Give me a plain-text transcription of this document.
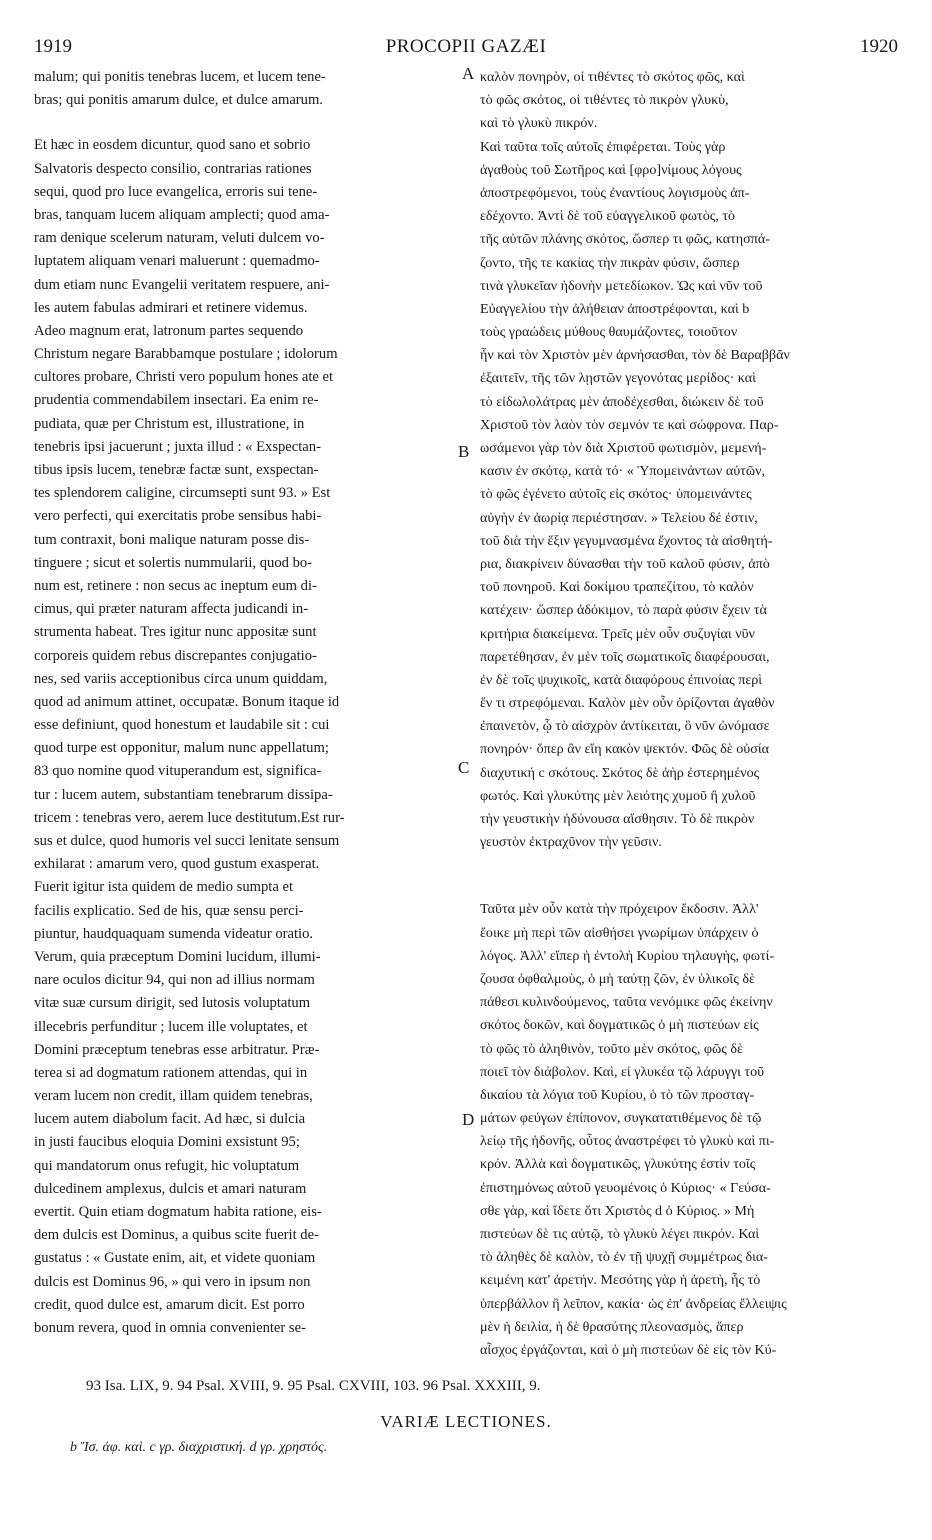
1919	PROCOPII GAZÆI	1920
malum; qui ponitis tenebras lucem, et lucem tene-
bras; qui ponitis amarum dulce, et dulce amarum.
Et hæc in eosdem dicuntur, quod sano et sobrio
Salvatoris despecto consilio, contrarias rationes
sequi, quod pro luce evangelica, erroris sui tene-
bras, tanquam lucem aliquam amplecti; quod ama-
ram denique scelerum naturam, veluti dulcem vo-
luptatem aliquam venari maluerunt : quemadmo-
dum etiam nunc Evangelii veritatem respuere, ani-
les autem fabulas admirari et retinere videmus.
Adeo magnum erat, latronum partes sequendo
Christum negare Barabbamque postulare ; idolorum
cultores probare, Christi vero populum hones ate et
prudentia commendabilem insectari. Ea enim re-
pudiata, quæ per Christum est, illustratione, in
tenebris ipsi jacuerunt ; juxta illud : « Exspectan-
tibus ipsis lucem, tenebræ factæ sunt, exspectan-
tes splendorem caligine, circumsepti sunt 93. » Est
vero perfecti, qui exercitatis probe sensibus habi-
tum contraxit, boni malique naturam posse dis-
tinguere ; sicut et solertis nummularii, quod bo-
num est, retinere : non secus ac ineptum eum di-
cimus, qui præter naturam affecta judicandi in-
strumenta habeat. Tres igitur nunc appositæ sunt
corporeis quidem rebus discrepantes conjugatio-
nes, sed variis acceptionibus circa unum quiddam,
quod ad animum attinet, occupatæ. Bonum itaque id
esse definiunt, quod honestum et laudabile sit : cui
quod turpe est opponitur, malum nunc appellatum;
83 quo nomine quod vituperandum est, significa-
tur : lucem autem, substantiam tenebrarum dissipa-
tricem : tenebras vero, aerem luce destitutum.Est rur-
sus et dulce, quod humoris vel succi lenitate sensum
exhilarat : amarum vero, quod gustum exasperat.
Fuerit igitur ista quidem de medio sumpta et
facilis explicatio. Sed de his, quæ sensu perci-
piuntur, haudquaquam sumenda videatur oratio.
Verum, quia præceptum Domini lucidum, illumi-
nare oculos dicitur 94, qui non ad illius normam
vitæ suæ cursum dirigit, sed lutosis voluptatum
illecebris perfunditur ; lucem ille voluptates, et
Domini præceptum tenebras esse arbitratur. Præ-
terea si ad dogmatum rationem attendas, qui in
veram lucem non credit, illam quidem tenebras,
lucem autem diabolum facit. Ad hæc, si dulcia
in justi faucibus eloquia Domini exsistunt 95;
qui mandatorum onus refugit, hic voluptatum
dulcedinem amplexus, dulcis et amari naturam
evertit. Quin etiam dogmatum habita ratione, eis-
dem dulcis est Dominus, a quibus scite fuerit de-
gustatus : « Gustate enim, ait, et videte quoniam
dulcis est Dominus 96, » qui vero in ipsum non
credit, quod dulce est, amarum dicit. Est porro
bonum revera, quod in omnia convenienter se-
καλὸν πονηρὸν, οἱ τιθέντες τὸ σκότος φῶς, καὶ
τὸ φῶς σκότος, οἱ τιθέντες τὸ πικρὸν γλυκὺ,
καὶ τὸ γλυκὺ πικρόν.
Καὶ ταῦτα τοῖς αὐτοῖς ἐπιφέρεται. Τοὺς γὰρ
ἀγαθοὺς τοῦ Σωτῆρος καὶ [φρο]νίμους λόγους
ἀποστρεφόμενοι, τοὺς ἐναντίους λογισμοὺς ἀπ-
εδέχοντο. Ἀντὶ δὲ τοῦ εὐαγγελικοῦ φωτὸς, τὸ
τῆς αὐτῶν πλάνης σκότος, ὥσπερ τι φῶς, κατησπά-
ζοντο, τῆς τε κακίας τὴν πικρὰν φύσιν, ὥσπερ
τινὰ γλυκεῖαν ἡδονὴν μετεδίωκον. Ὡς καὶ νῦν τοῦ
Εὐαγγελίου τὴν ἀλήθειαν ἀποστρέφονται, καὶ b
τοὺς γραώδεις μύθους θαυμάζοντες, τοιοῦτον
ἦν καὶ τὸν Χριστὸν μὲν ἀρνήσασθαι, τὸν δὲ Βαραββᾶν
ἐξαιτεῖν, τῆς τῶν λῃστῶν γεγονότας μερίδος· καὶ
τὸ εἰδωλολάτρας μὲν ἀποδέχεσθαι, διώκειν δὲ τοῦ
Χριστοῦ τὸν λαὸν τὸν σεμνόν τε καὶ σώφρονα. Παρ-
ωσάμενοι γὰρ τὸν διὰ Χριστοῦ φωτισμὸν, μεμενή-
κασιν ἐν σκότῳ, κατὰ τό· « Ὑπομεινάντων αὐτῶν,
τὸ φῶς ἐγένετο αὐτοῖς εἰς σκότος· ὑπομεινάντες
αὐγὴν ἐν ἀωρίᾳ περιέστησαν. » Τελείου δέ ἐστιν,
τοῦ διὰ τὴν ἕξιν γεγυμνασμένα ἔχοντος τὰ αἰσθητή-
ρια, διακρίνειν δύνασθαι τὴν τοῦ καλοῦ φύσιν, ἀπὸ
τοῦ πονηροῦ. Καὶ δοκίμου τραπεζίτου, τὸ καλὸν
κατέχειν· ὥσπερ ἀδόκιμον, τὸ παρὰ φύσιν ἔχειν τὰ
κριτήρια διακείμενα. Τρεῖς μὲν οὖν συζυγίαι νῦν
παρετέθησαν, ἐν μὲν τοῖς σωματικοῖς διαφέρουσαι,
ἐν δὲ τοῖς ψυχικοῖς, κατὰ διαφόρους ἐπινοίας περὶ
ἕν τι στρεφόμεναι. Καλὸν μὲν οὖν ὁρίζονται ἀγαθὸν
ἐπαινετὸν, ᾧ τὸ αἰσχρὸν ἀντίκειται, ὃ νῦν ὠνόμασε
πονηρόν· ὅπερ ἂν εἴη κακὸν ψεκτόν. Φῶς δὲ οὐσία
διαχυτική c σκότους. Σκότος δὲ ἀὴρ ἐστερημένος
φωτός. Καὶ γλυκύτης μὲν λειότης χυμοῦ ἢ χυλοῦ
τὴν γευστικὴν ἡδύνουσα αἴσθησιν. Τὸ δὲ πικρὸν
γευστὸν ἐκτραχῦνον τὴν γεῦσιν.
Ταῦτα μὲν οὖν κατὰ τὴν πρόχειρον ἔκδοσιν. Ἀλλ'
ἔοικε μὴ περὶ τῶν αἰσθήσει γνωρίμων ὑπάρχειν ὁ
λόγος. Ἀλλ' εἴπερ ἡ ἐντολὴ Κυρίου τηλαυγὴς, φωτί-
ζουσα ὀφθαλμοὺς, ὁ μὴ ταύτῃ ζῶν, ἐν ὑλικοῖς δὲ
πάθεσι κυλινδούμενος, ταῦτα νενόμικε φῶς ἐκείνην
σκότος δοκῶν, καὶ δογματικῶς ὁ μὴ πιστεύων εἰς
τὸ φῶς τὸ ἀληθινὸν, τοῦτο μὲν σκότος, φῶς δὲ
ποιεῖ τὸν διάβολον. Καὶ, εἰ γλυκέα τῷ λάρυγγι τοῦ
δικαίου τὰ λόγια τοῦ Κυρίου, ὁ τὸ τῶν προσταγ-
μάτων φεύγων ἐπίπονον, συγκατατιθέμενος δὲ τῷ
λείῳ τῆς ἡδονῆς, οὗτος ἀναστρέφει τὸ γλυκὺ καὶ πι-
κρόν. Ἀλλὰ καὶ δογματικῶς, γλυκύτης ἐστὶν τοῖς
ἐπιστημόνως αὐτοῦ γευομένοις ὁ Κύριος· « Γεύσα-
σθε γὰρ, καὶ ἴδετε ὅτι Χριστὸς d ὁ Κύριος. » Μὴ
πιστεύων δὲ τις αὐτῷ, τὸ γλυκὺ λέγει πικρόν. Καὶ
τὸ ἀληθὲς δὲ καλὸν, τὸ ἐν τῇ ψυχῇ συμμέτρως δια-
κειμένη κατ' ἀρετήν. Μεσότης γὰρ ἡ ἀρετὴ, ἧς τὸ
ὑπερβάλλον ἢ λεῖπον, κακία· ὡς ἐπ' ἀνδρείας ἔλλειψις
μὲν ἡ δειλία, ἡ δὲ θρασύτης πλεονασμὸς, ἅπερ
αἶσχος ἐργάζονται, καὶ ὁ μὴ πιστεύων δὲ εἰς τὸν Κύ-
A
B
C
D
93 Isa. LIX, 9. 94 Psal. XVIII, 9. 95 Psal. CXVIII, 103. 96 Psal. XXXIII, 9.
VARIÆ LECTIONES.
b Ἴσ. ἀφ. καὶ. c γρ. διαχριστική. d γρ. χρηστός.
